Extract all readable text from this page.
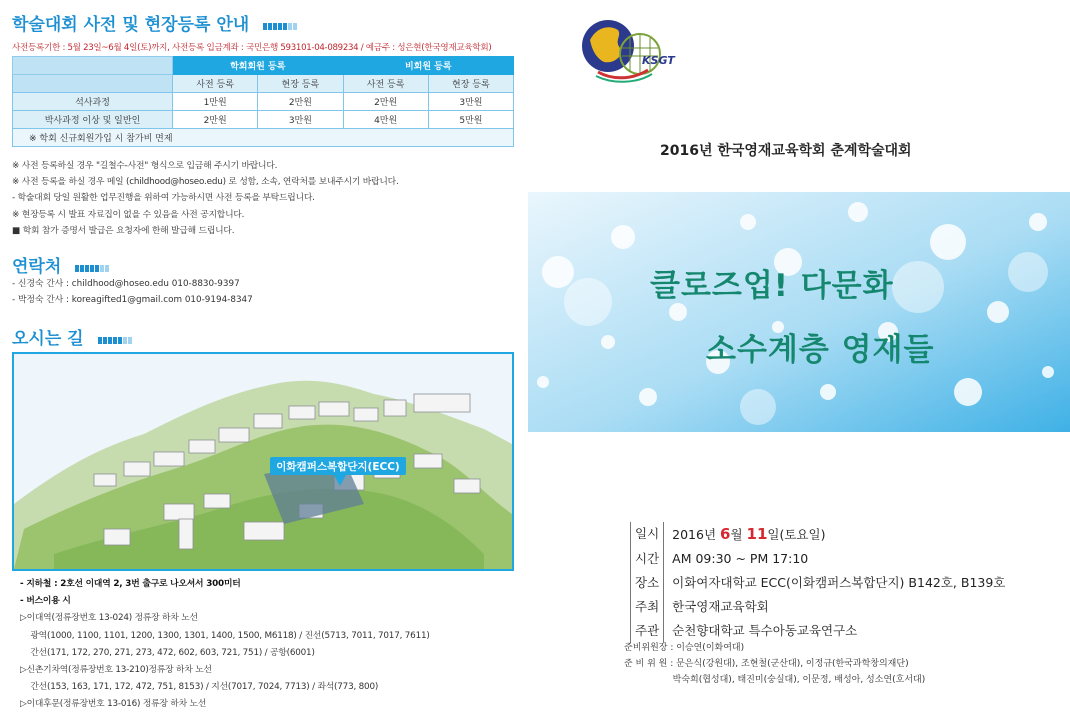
학술대회 사전 및 현장등록 안내
사전등록기한 : 5월 23일~6월 4일(토)까지, 사전등록 입금계좌 : 국민은행 593101-04-089234 / 예금주 : 성은현(한국영재교육학회)
	학회회원 등록		비회원 등록	
	사전 등록	현장 등록	사전 등록	현장 등록
석사과정	1만원	2만원	2만원	3만원
박사과정 이상 및 일반인	2만원	3만원	4만원	5만원
※ 학회 신규회원가입 시 참가비 면제				
※ 사전 등록하실 경우 "길철수-사전" 형식으로 입금해 주시기 바랍니다.
※ 사전 등록을 하실 경우 메일 (childhood@hoseo.edu) 로 성함, 소속, 연락처를 보내주시기 바랍니다.
- 학술대회 당일 원활한 업무진행을 위하여 가능하시면 사전 등록을 부탁드립니다.
※ 현장등록 시 발표 자료집이 없을 수 있음을 사전 공지합니다.
■ 학회 참가 증명서 발급은 요청자에 한해 발급해 드립니다.
연락처
- 신경숙 간사 : childhood@hoseo.edu 010-8830-9397
- 박정숙 간사 : koreagifted1@gmail.com 010-9194-8347
오시는 길
이화캠퍼스복합단지(ECC)
- 지하철 : 2호선 이대역 2, 3번 출구로 나오셔서 300미터
- 버스이용 시
▷이대역(정류장번호 13-024) 정류장 하차 노선
광역(1000, 1100, 1101, 1200, 1300, 1301, 1400, 1500, M6118) / 진선(5713, 7011, 7017, 7611)
간선(171, 172, 270, 271, 273, 472, 602, 603, 721, 751) / 공항(6001)
▷신촌기차역(정류장번호 13-210)정류장 하차 노선
간선(153, 163, 171, 172, 472, 751, 8153) / 지선(7017, 7024, 7713) / 좌석(773, 800)
▷이대후문(정류장번호 13-016) 정류장 하차 노선
KSGT
2016년 한국영재교육학회 춘계학술대회
클로즈업! 다문화
소수계층 영재들
일시	2016년 6월 11일(토요일)
시간	AM 09:30 ~ PM 17:10
장소	이화여자대학교 ECC(이화캠퍼스복합단지) B142호, B139호
주최	한국영재교육학회
주관	순천향대학교 특수아동교육연구소
준비위원장 : 이승연(이화여대)
준 비 위 원 : 문은식(강원대), 조현철(군산대), 이정규(한국과학창의재단)
박숙희(협성대), 태진미(숭실대), 이문정, 배성아, 성소연(호서대)
